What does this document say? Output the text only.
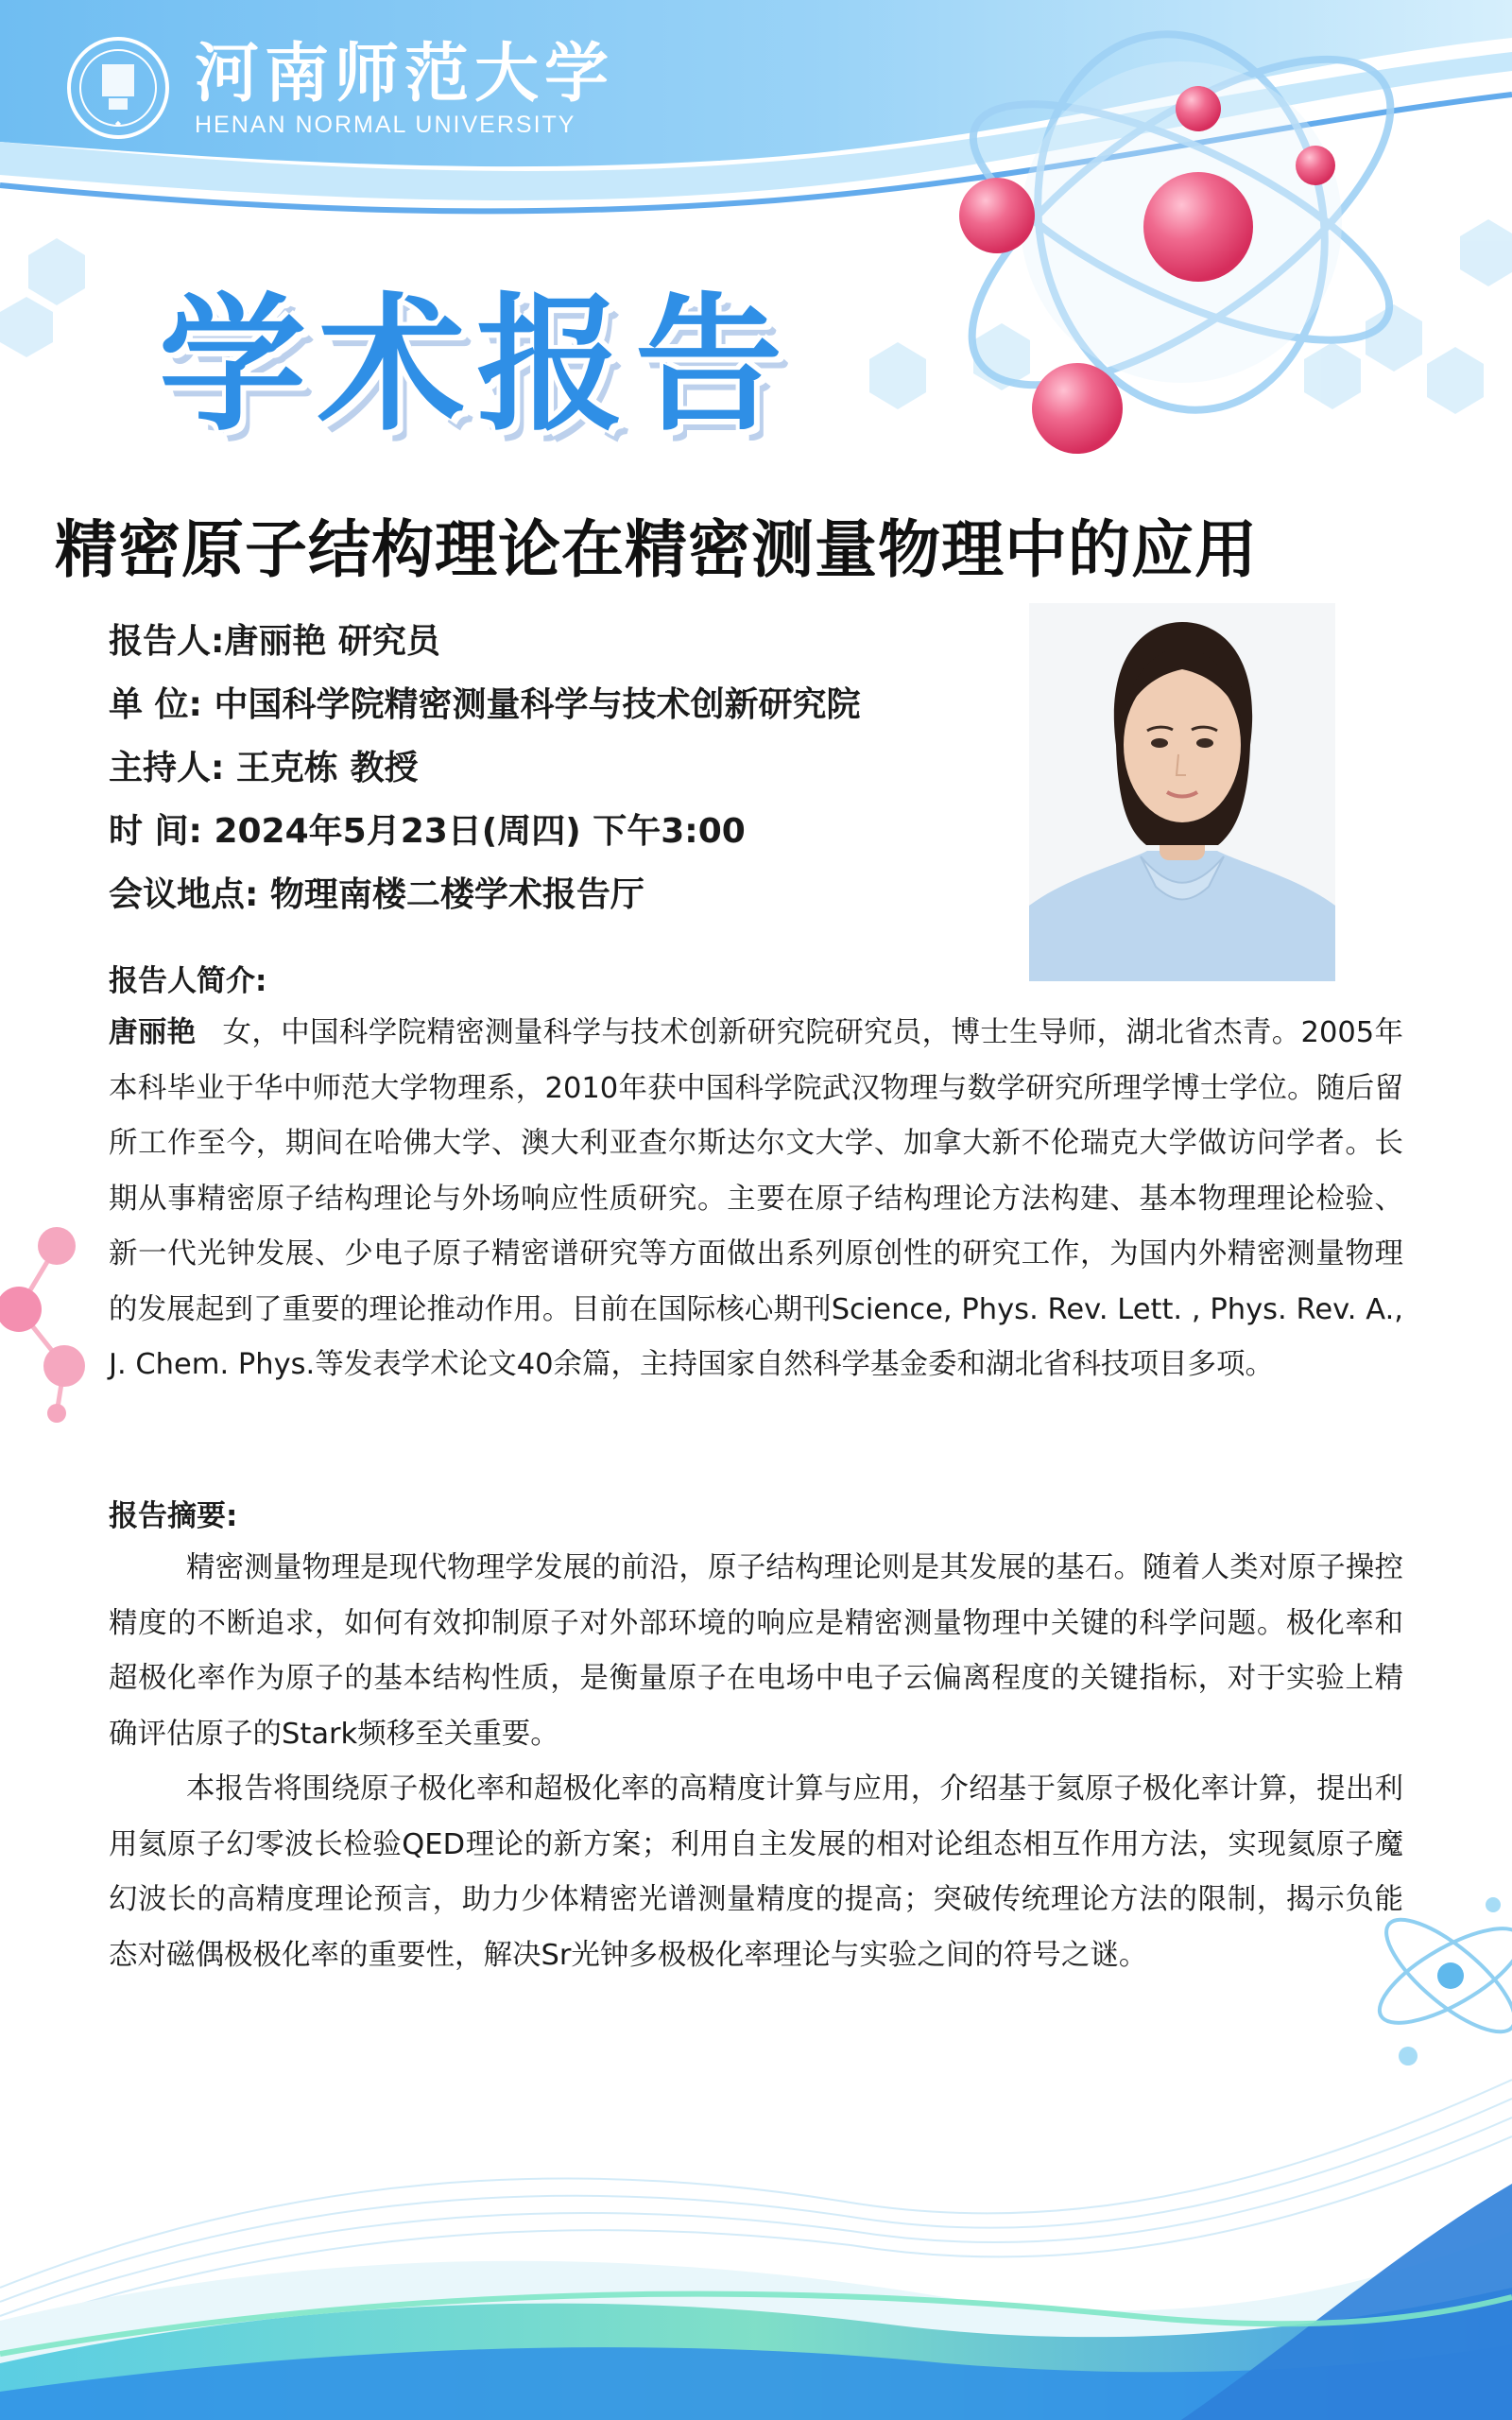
◆
河南师范大学
HENAN NORMAL UNIVERSITY
学术报告
精密原子结构理论在精密测量物理中的应用
报告人:唐丽艳 研究员
单 位: 中国科学院精密测量科学与技术创新研究院
主持人: 王克栋 教授
时 间: 2024年5月23日(周四) 下午3:00
会议地点: 物理南楼二楼学术报告厅
报告人简介:
唐丽艳 女，中国科学院精密测量科学与技术创新研究院研究员，博士生导师，湖北省杰青。2005年本科毕业于华中师范大学物理系，2010年获中国科学院武汉物理与数学研究所理学博士学位。随后留所工作至今，期间在哈佛大学、澳大利亚查尔斯达尔文大学、加拿大新不伦瑞克大学做访问学者。长期从事精密原子结构理论与外场响应性质研究。主要在原子结构理论方法构建、基本物理理论检验、新一代光钟发展、少电子原子精密谱研究等方面做出系列原创性的研究工作，为国内外精密测量物理的发展起到了重要的理论推动作用。目前在国际核心期刊Science, Phys. Rev. Lett. , Phys. Rev. A., J. Chem. Phys.等发表学术论文40余篇，主持国家自然科学基金委和湖北省科技项目多项。
报告摘要:
精密测量物理是现代物理学发展的前沿，原子结构理论则是其发展的基石。随着人类对原子操控精度的不断追求，如何有效抑制原子对外部环境的响应是精密测量物理中关键的科学问题。极化率和超极化率作为原子的基本结构性质，是衡量原子在电场中电子云偏离程度的关键指标，对于实验上精确评估原子的Stark频移至关重要。
本报告将围绕原子极化率和超极化率的高精度计算与应用，介绍基于氦原子极化率计算，提出利用氦原子幻零波长检验QED理论的新方案；利用自主发展的相对论组态相互作用方法，实现氦原子魔幻波长的高精度理论预言，助力少体精密光谱测量精度的提高；突破传统理论方法的限制，揭示负能态对磁偶极极化率的重要性，解决Sr光钟多极极化率理论与实验之间的符号之谜。
